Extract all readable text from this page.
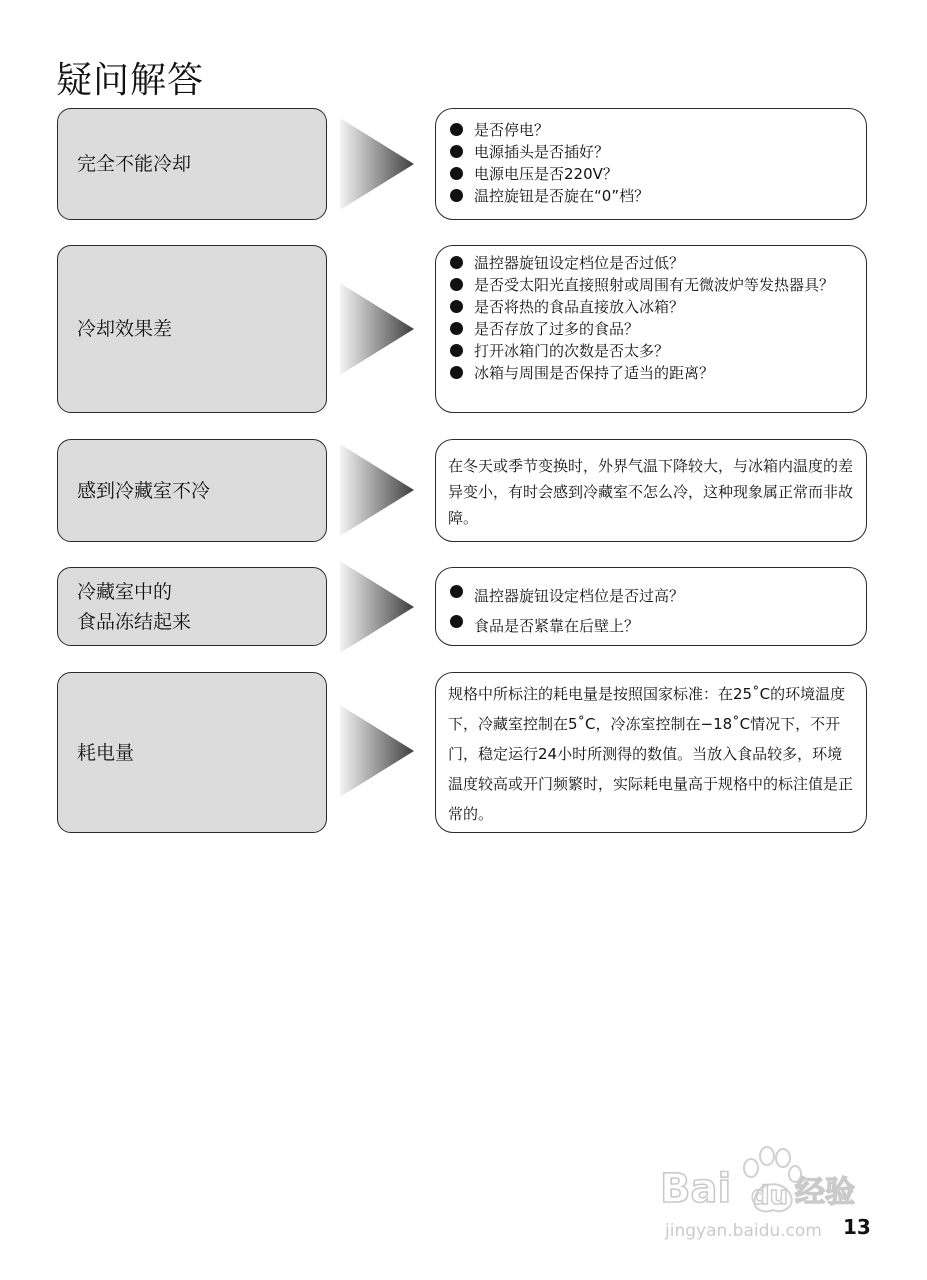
疑问解答
完全不能冷却
是否停电？
电源插头是否插好？
电源电压是否220V？
温控旋钮是否旋在“0”档？
冷却效果差
温控器旋钮设定档位是否过低？
是否受太阳光直接照射或周围有无微波炉等发热器具？
是否将热的食品直接放入冰箱？
是否存放了过多的食品？
打开冰箱门的次数是否太多？
冰箱与周围是否保持了适当的距离？
感到冷藏室不冷

在冬天或季节变换时，外界气温下降较大，与冰箱内温度的差异变小，有时会感到冷藏室不怎么冷，这种现象属正常而非故障。

冷藏室中的
食品冻结起来
温控器旋钮设定档位是否过高？
食品是否紧靠在后壁上？
耗电量

规格中所标注的耗电量是按照国家标准：在25˚C的环境温度下，冷藏室控制在5˚C，冷冻室控制在−18˚C情况下，不开门，稳定运行24小时所测得的数值。当放入食品较多，环境温度较高或开门频繁时，实际耗电量高于规格中的标注值是正常的。

Bai du 经验
jingyan.baidu.com 13
